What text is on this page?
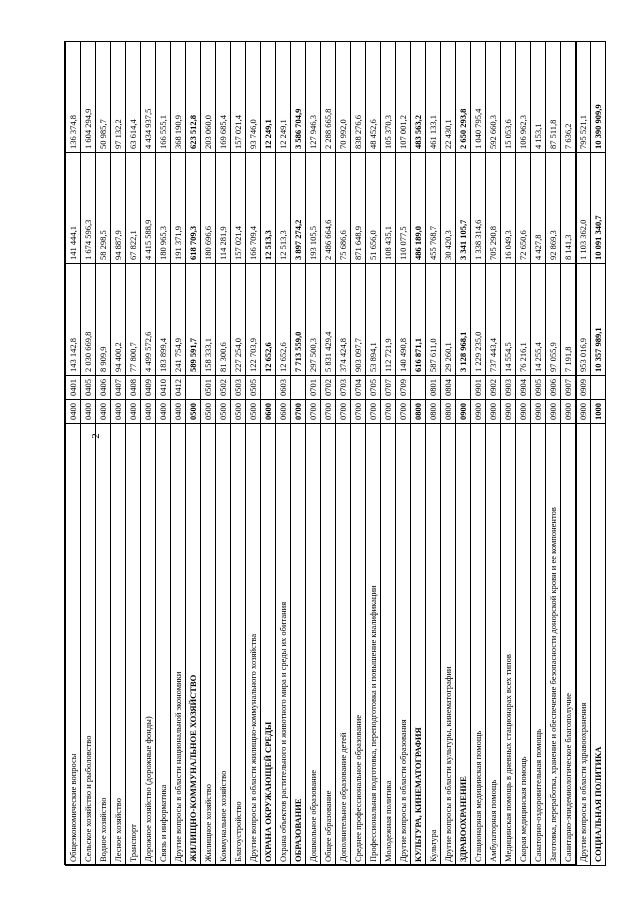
2
Общеэкономические вопросы	0400	0401	143 142,8	141 444,1	136 374,8
Сельское хозяйство и рыболовство	0400	0405	2 030 669,8	1 674 596,3	1 604 294,9
Водное хозяйство	0400	0406	8 909,9	58 298,5	50 985,7
Лесное хозяйство	0400	0407	94 400,2	94 887,9	97 132,2
Транспорт	0400	0408	77 800,7	67 822,1	63 614,4
Дорожное хозяйство (дорожные фонды)	0400	0409	4 499 572,6	4 415 588,9	4 434 937,5
Связь и информатика	0400	0410	183 899,4	180 965,3	166 555,1
Другие вопросы в области национальной экономики	0400	0412	241 754,9	191 371,9	368 190,9
ЖИЛИЩНО-КОММУНАЛЬНОЕ ХОЗЯЙСТВО	0500		589 591,7	618 709,3	623 512,8
Жилищное хозяйство	0500	0501	158 333,1	180 696,6	203 060,0
Коммунальное хозяйство	0500	0502	81 300,6	114 281,9	169 685,4
Благоустройство	0500	0503	227 254,0	157 021,4	157 021,4
Другие вопросы в области жилищно-коммунального хозяйства	0500	0505	122 703,9	166 709,4	93 746,0
ОХРАНА ОКРУЖАЮЩЕЙ СРЕДЫ	0600		12 652,6	12 513,3	12 249,1
Охрана объектов растительного и животного мира и среды их обитания	0600	0603	12 652,6	12 513,3	12 249,1
ОБРАЗОВАНИЕ	0700		7 713 559,0	3 897 274,2	3 586 704,9
Дошкольное образование	0700	0701	297 500,3	193 105,5	127 946,3
Общее образование	0700	0702	5 831 429,4	2 486 664,6	2 288 665,8
Дополнительное образование детей	0700	0703	374 424,8	75 686,6	70 992,0
Среднее профессиональное образование	0700	0704	903 097,7	871 648,9	838 276,6
Профессиональная подготовка, переподготовка и повышение квалификации	0700	0705	53 894,1	51 656,0	48 452,6
Молодежная политика	0700	0707	112 721,9	108 435,1	105 370,3
Другие вопросы в области образования	0700	0709	140 490,8	110 077,5	107 001,2
КУЛЬТУРА, КИНЕМАТОГРАФИЯ	0800		616 871,1	486 189,0	483 563,2
Культура	0800	0801	587 611,0	455 768,7	461 133,1
Другие вопросы в области культуры, кинематографии	0800	0804	29 260,1	30 420,3	22 430,1
ЗДРАВООХРАНЕНИЕ	0900		3 128 968,1	3 341 105,7	2 650 293,8
Стационарная медицинская помощь	0900	0901	1 229 235,0	1 338 314,6	1 040 795,4
Амбулаторная помощь	0900	0902	737 443,4	705 290,8	592 660,3
Медицинская помощь в дневных стационарах всех типов	0900	0903	14 554,5	16 049,3	15 053,6
Скорая медицинская помощь	0900	0904	76 216,1	72 650,6	106 962,3
Санаторно-оздоровительная помощь	0900	0905	14 255,4	4 427,8	4 153,1
Заготовка, переработка, хранение и обеспечение безопасности донорской крови и ее компонентов	0900	0906	97 055,9	92 869,3	87 511,8
Санитарно-эпидемиологическое благополучие	0900	0907	7 191,8	8 141,3	7 636,2
Другие вопросы в области здравоохранения	0900	0909	953 016,9	1 103 362,0	795 521,1
СОЦИАЛЬНАЯ ПОЛИТИКА	1000		10 357 989,1	10 091 340,7	10 390 909,9
